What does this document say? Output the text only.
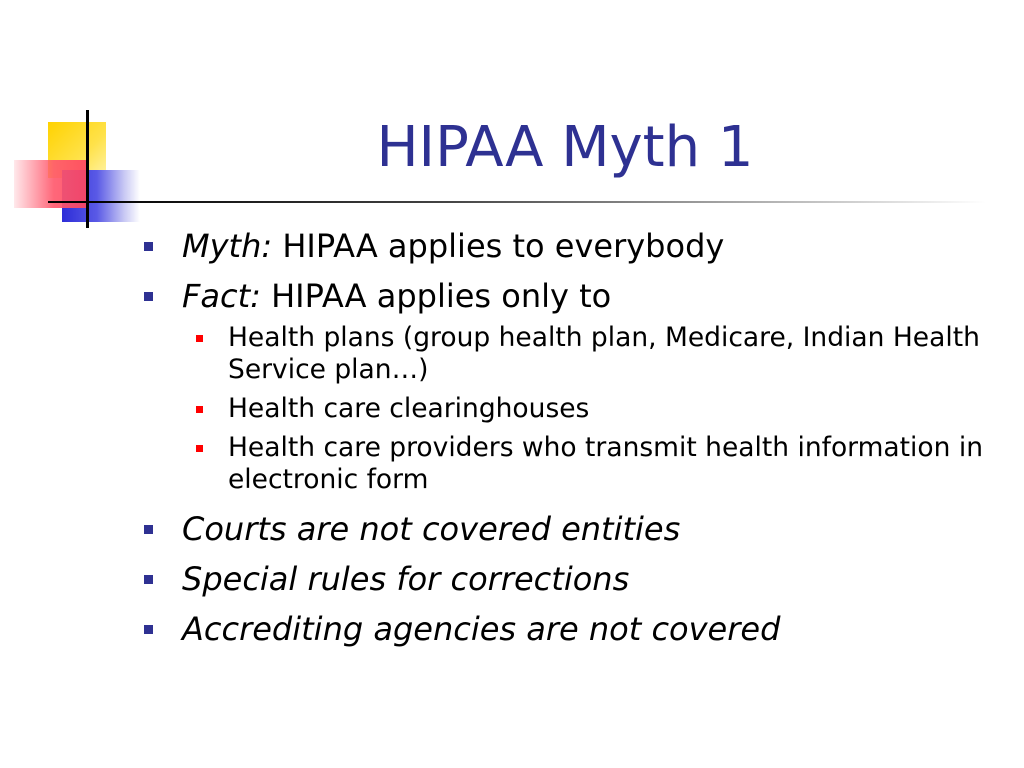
HIPAA Myth 1
Myth: HIPAA applies to everybody
Fact: HIPAA applies only to
Health plans (group health plan, Medicare, Indian Health Service plan…)
Health care clearinghouses
Health care providers who transmit health information in electronic form
Courts are not covered entities
Special rules for corrections
Accrediting agencies are not covered
